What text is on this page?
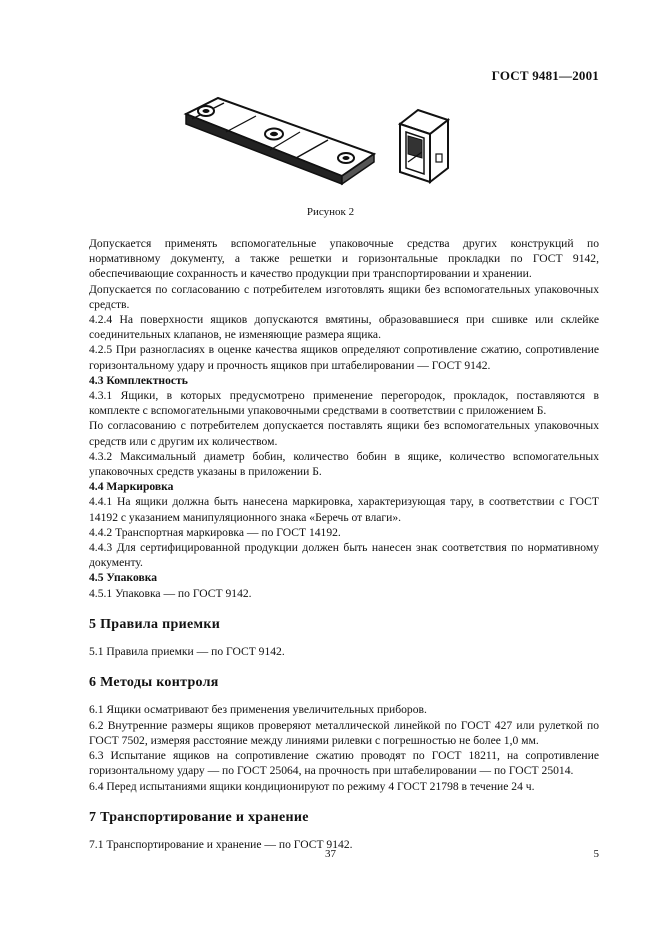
ГОСТ 9481—2001
Рисунок 2

Допускается применять вспомогательные упаковочные средства других конструкций по нормативному документу, а также решетки и горизонтальные прокладки по ГОСТ 9142, обеспечивающие сохранность и качество продукции при транспортировании и хранении.

Допускается по согласованию с потребителем изготовлять ящики без вспомогательных упаковочных средств.

4.2.4 На поверхности ящиков допускаются вмятины, образовавшиеся при сшивке или склейке соединительных клапанов, не изменяющие размера ящика.

4.2.5 При разногласиях в оценке качества ящиков определяют сопротивление сжатию, сопротивление горизонтальному удару и прочность ящиков при штабелировании — ГОСТ 9142.

4.3 Комплектность

4.3.1 Ящики, в которых предусмотрено применение перегородок, прокладок, поставляются в комплекте с вспомогательными упаковочными средствами в соответствии с приложением Б.

По согласованию с потребителем допускается поставлять ящики без вспомогательных упаковочных средств или с другим их количеством.

4.3.2 Максимальный диаметр бобин, количество бобин в ящике, количество вспомогательных упаковочных средств указаны в приложении Б.

4.4 Маркировка

4.4.1 На ящики должна быть нанесена маркировка, характеризующая тару, в соответствии с ГОСТ 14192 с указанием манипуляционного знака «Беречь от влаги».

4.4.2 Транспортная маркировка — по ГОСТ 14192.

4.4.3 Для сертифицированной продукции должен быть нанесен знак соответствия по нормативному документу.

4.5 Упаковка

4.5.1 Упаковка — по ГОСТ 9142.

5 Правила приемки

5.1 Правила приемки — по ГОСТ 9142.

6 Методы контроля

6.1 Ящики осматривают без применения увеличительных приборов.

6.2 Внутренние размеры ящиков проверяют металлической линейкой по ГОСТ 427 или рулеткой по ГОСТ 7502, измеряя расстояние между линиями рилевки с погрешностью не более 1,0 мм.

6.3 Испытание ящиков на сопротивление сжатию проводят по ГОСТ 18211, на сопротивление горизонтальному удару — по ГОСТ 25064, на прочность при штабелировании — по ГОСТ 25014.

6.4 Перед испытаниями ящики кондиционируют по режиму 4 ГОСТ 21798 в течение 24 ч.

7 Транспортирование и хранение

7.1 Транспортирование и хранение — по ГОСТ 9142.

37	5
